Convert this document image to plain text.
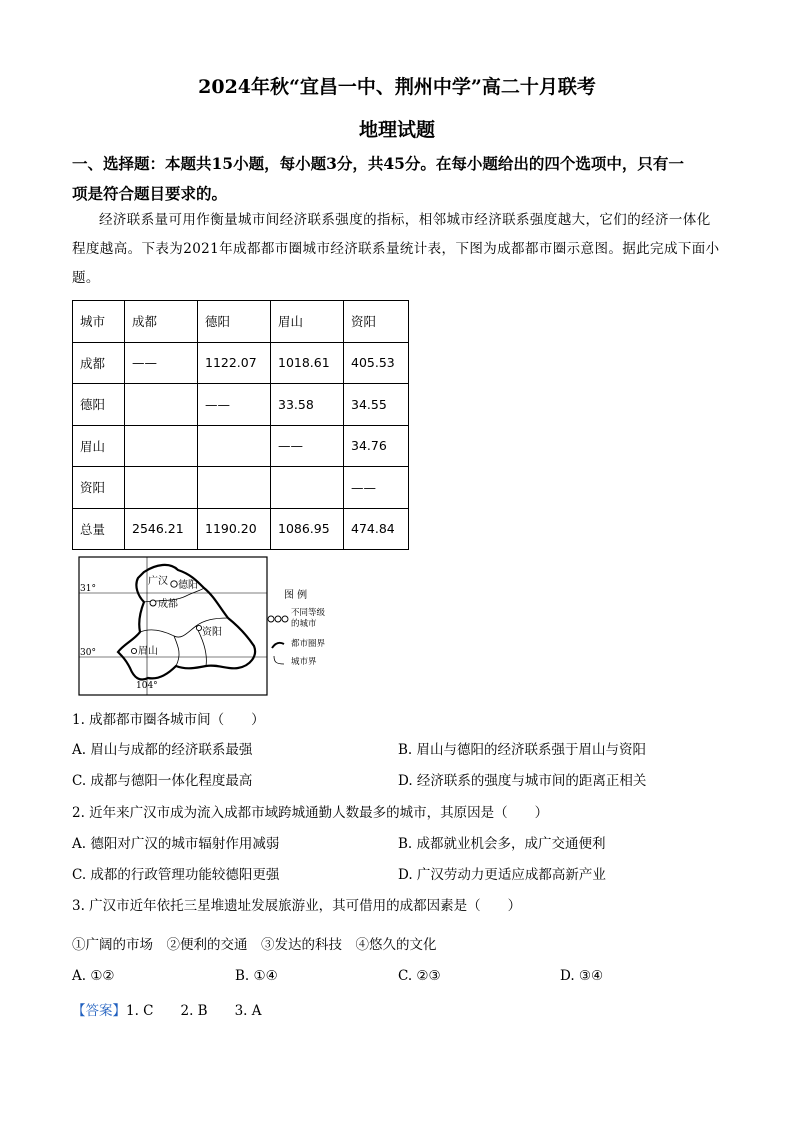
2024年秋“宜昌一中、荆州中学”高二十月联考
地理试题
一、选择题：本题共15小题，每小题3分，共45分。在每小题给出的四个选项中，只有一
项是符合题目要求的。
经济联系量可用作衡量城市间经济联系强度的指标，相邻城市经济联系强度越大，它们的经济一体化程度越高。下表为2021年成都都市圈城市经济联系量统计表，下图为成都都市圈示意图。据此完成下面小题。
城市	成都	德阳	眉山	资阳
成都	——	1122.07	1018.61	405.53
德阳		——	33.58	34.55
眉山			——	34.76
资阳				——
总量	2546.21	1190.20	1086.95	474.84
广汉 德阳
成都
资阳
眉山
31°
30°
104°
图 例
不同等级
的城市
都市圈界
城市界
1. 成都都市圈各城市间（　　）
A. 眉山与成都的经济联系最强	B. 眉山与德阳的经济联系强于眉山与资阳
C. 成都与德阳一体化程度最高	D. 经济联系的强度与城市间的距离正相关
2. 近年来广汉市成为流入成都市域跨城通勤人数最多的城市，其原因是（　　）
A. 德阳对广汉的城市辐射作用减弱	B. 成都就业机会多，成广交通便利
C. 成都的行政管理功能较德阳更强	D. 广汉劳动力更适应成都高新产业
3. 广汉市近年依托三星堆遗址发展旅游业，其可借用的成都因素是（　　）
①广阔的市场　②便利的交通　③发达的科技　④悠久的文化
A. ①②	B. ①④	C. ②③	D. ③④
【答案】1. C　　2. B　　3. A
